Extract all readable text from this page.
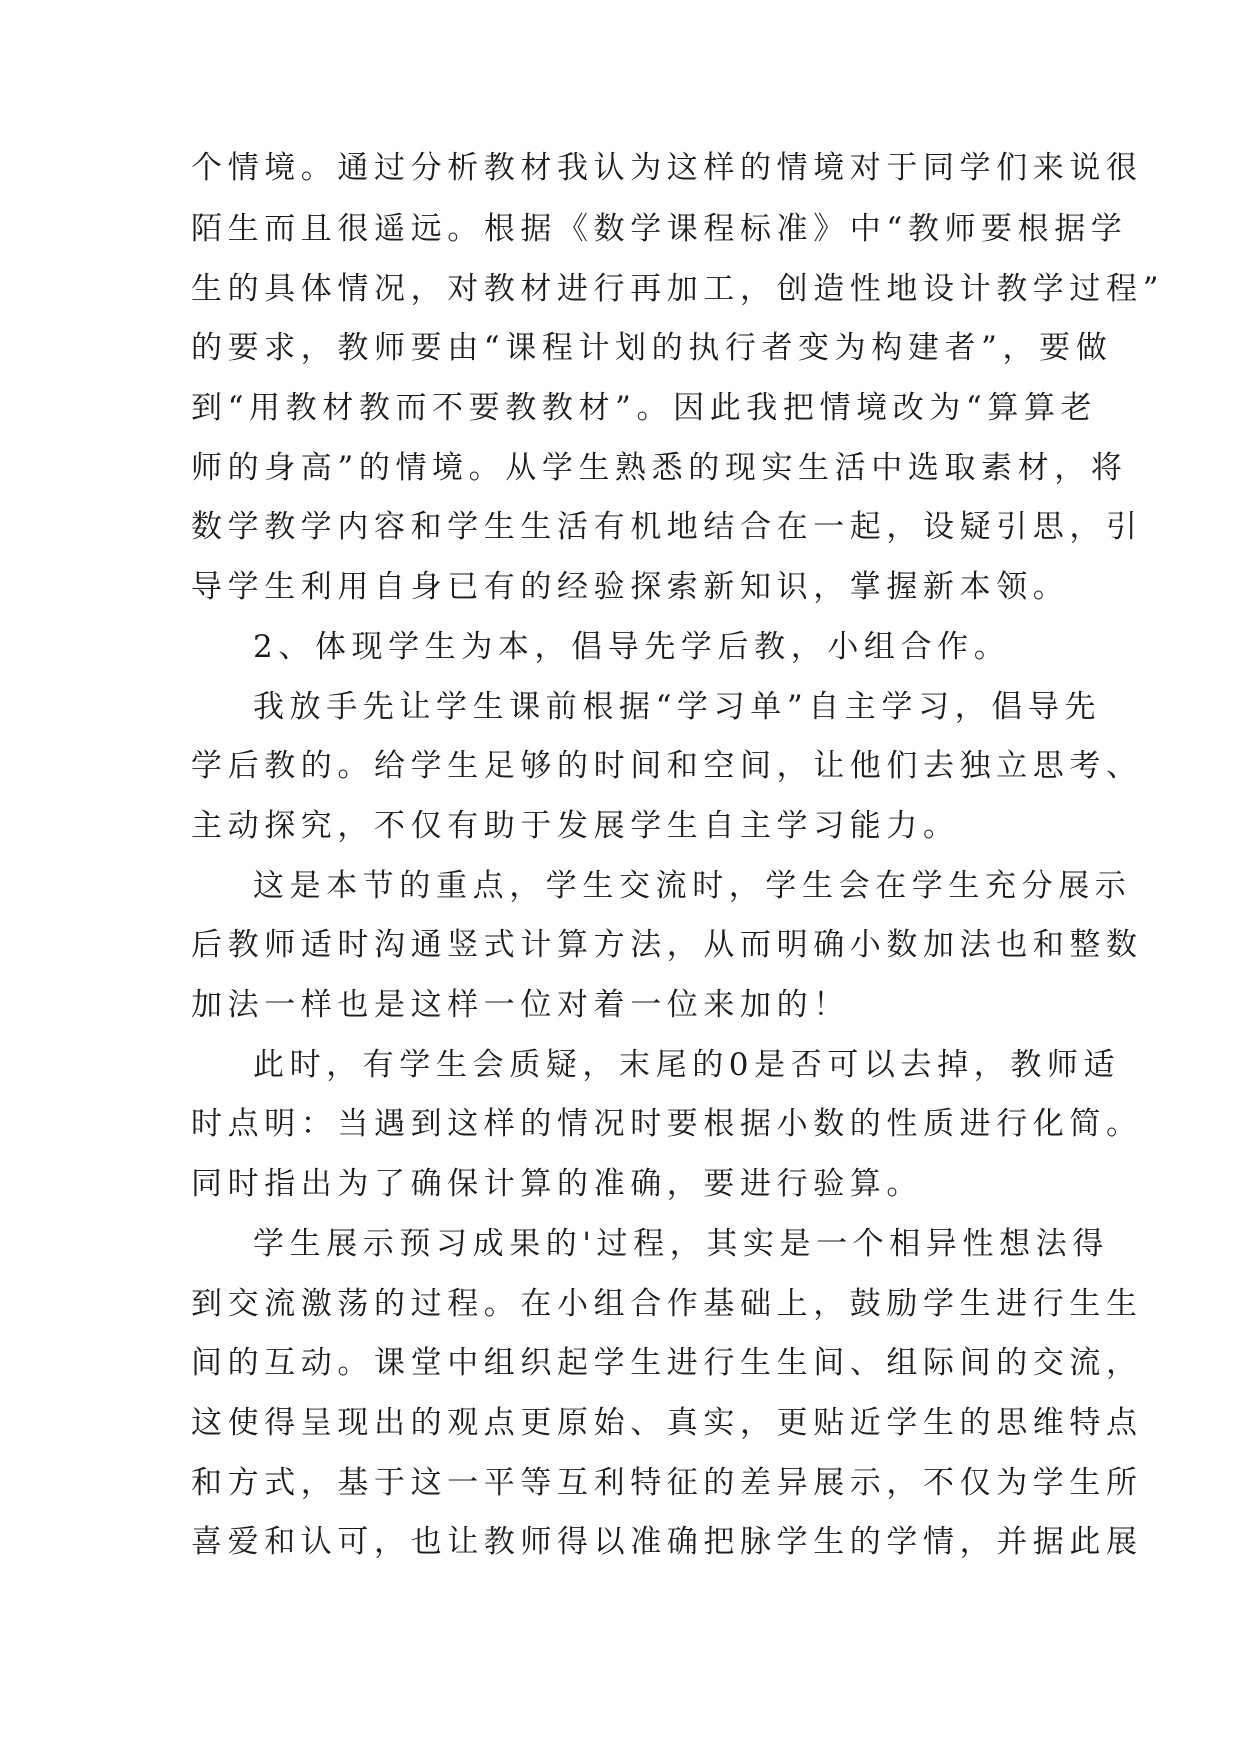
个情境。通过分析教材我认为这样的情境对于同学们来说很
陌生而且很遥远。根据《数学课程标准》中“教师要根据学
生的具体情况，对教材进行再加工，创造性地设计教学过程”
的要求，教师要由“课程计划的执行者变为构建者”，要做
到“用教材教而不要教教材”。因此我把情境改为“算算老
师的身高”的情境。从学生熟悉的现实生活中选取素材，将
数学教学内容和学生生活有机地结合在一起，设疑引思，引
导学生利用自身已有的经验探索新知识，掌握新本领。
2、体现学生为本，倡导先学后教，小组合作。
我放手先让学生课前根据“学习单”自主学习，倡导先
学后教的。给学生足够的时间和空间，让他们去独立思考、
主动探究，不仅有助于发展学生自主学习能力。
这是本节的重点，学生交流时，学生会在学生充分展示
后教师适时沟通竖式计算方法，从而明确小数加法也和整数
加法一样也是这样一位对着一位来加的！
此时，有学生会质疑，末尾的0是否可以去掉，教师适
时点明：当遇到这样的情况时要根据小数的性质进行化简。
同时指出为了确保计算的准确，要进行验算。
学生展示预习成果的'过程，其实是一个相异性想法得
到交流激荡的过程。在小组合作基础上，鼓励学生进行生生
间的互动。课堂中组织起学生进行生生间、组际间的交流，
这使得呈现出的观点更原始、真实，更贴近学生的思维特点
和方式，基于这一平等互利特征的差异展示，不仅为学生所
喜爱和认可，也让教师得以准确把脉学生的学情，并据此展
